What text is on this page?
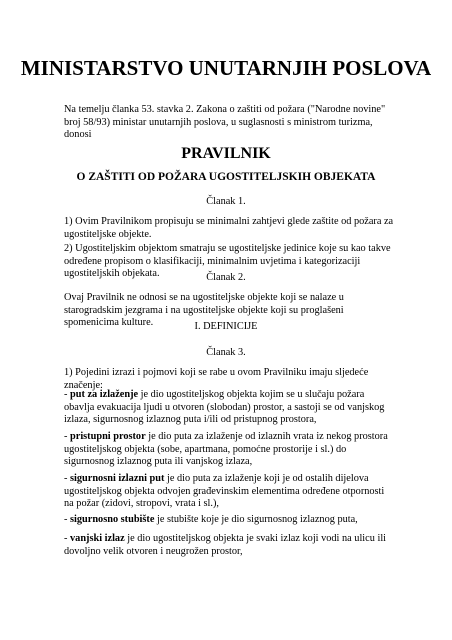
MINISTARSTVO UNUTARNJIH POSLOVA

Na temelju članka 53. stavka 2. Zakona o zaštiti od požara ("Narodne novine" broj 58/93) ministar unutarnjih poslova, u suglasnosti s ministrom turizma, donosi

PRAVILNIK

O ZAŠTITI OD POŽARA UGOSTITELJSKIH OBJEKATA

Članak 1.

1) Ovim Pravilnikom propisuju se minimalni zahtjevi glede zaštite od požara za ugostiteljske objekte.

2) Ugostiteljskim objektom smatraju se ugostiteljske jedinice koje su kao takve određene propisom o klasifikaciji, minimalnim uvjetima i kategorizaciji ugostiteljskih objekata.	Članak 2.

Ovaj Pravilnik ne odnosi se na ugostiteljske objekte koji se nalaze u starogradskim jezgrama i na ugostiteljske objekte koji su proglašeni spomenicima kulture.	I. DEFINICIJE

Članak 3.

1) Pojedini izrazi i pojmovi koji se rabe u ovom Pravilniku imaju sljedeće značenje:

- put za izlaženje je dio ugostiteljskog objekta kojim se u slučaju požara obavlja evakuacija ljudi u otvoren (slobodan) prostor, a sastoji se od vanjskog izlaza, sigurnosnog izlaznog puta i/ili od pristupnog prostora,

- pristupni prostor je dio puta za izlaženje od izlaznih vrata iz nekog prostora ugostiteljskog objekta (sobe, apartmana, pomoćne prostorije i sl.) do sigurnosnog izlaznog puta ili vanjskog izlaza,

- sigurnosni izlazni put je dio puta za izlaženje koji je od ostalih dijelova ugostiteljskog objekta odvojen građevinskim elementima određene otpornosti na požar (zidovi, stropovi, vrata i sl.),

- sigurnosno stubište je stubište koje je dio sigurnosnog izlaznog puta,

- vanjski izlaz je dio ugostiteljskog objekta je svaki izlaz koji vodi na ulicu ili dovoljno velik otvoren i neugrožen prostor,
